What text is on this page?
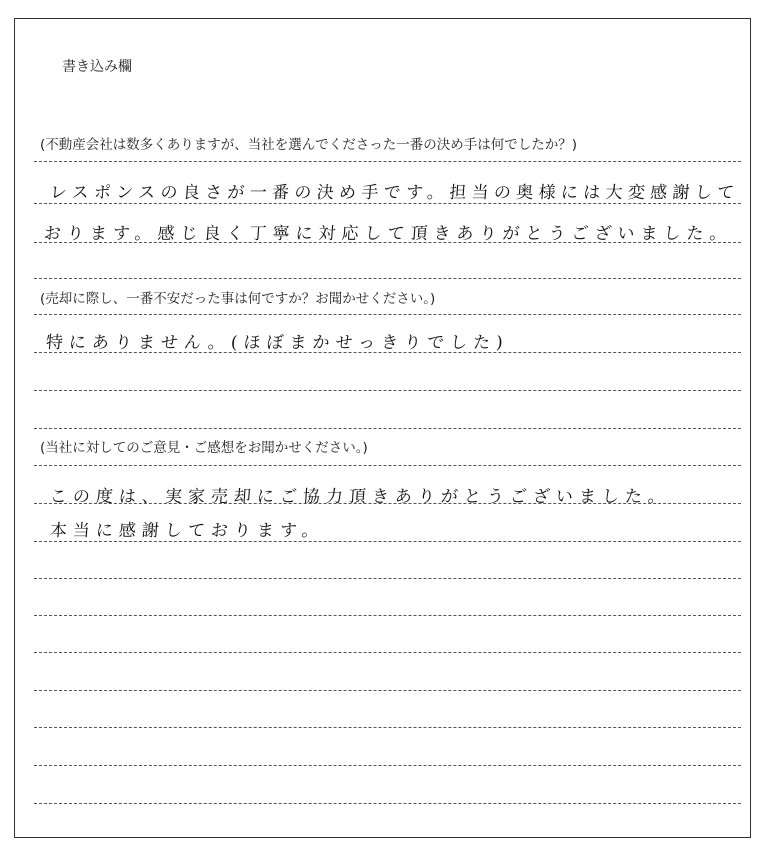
書き込み欄
(不動産会社は数多くありますが、当社を選んでくださった一番の決め手は何でしたか？)
レスポンスの良さが一番の決め手です。担当の奥様には大変感謝して
おります。感じ良く丁寧に対応して頂きありがとうございました。
(売却に際し、一番不安だった事は何ですか？お聞かせください。)
特にありません。(ほぼまかせっきりでした)
(当社に対してのご意見・ご感想をお聞かせください。)
この度は、実家売却にご協力頂きありがとうございました。
本当に感謝しております。
